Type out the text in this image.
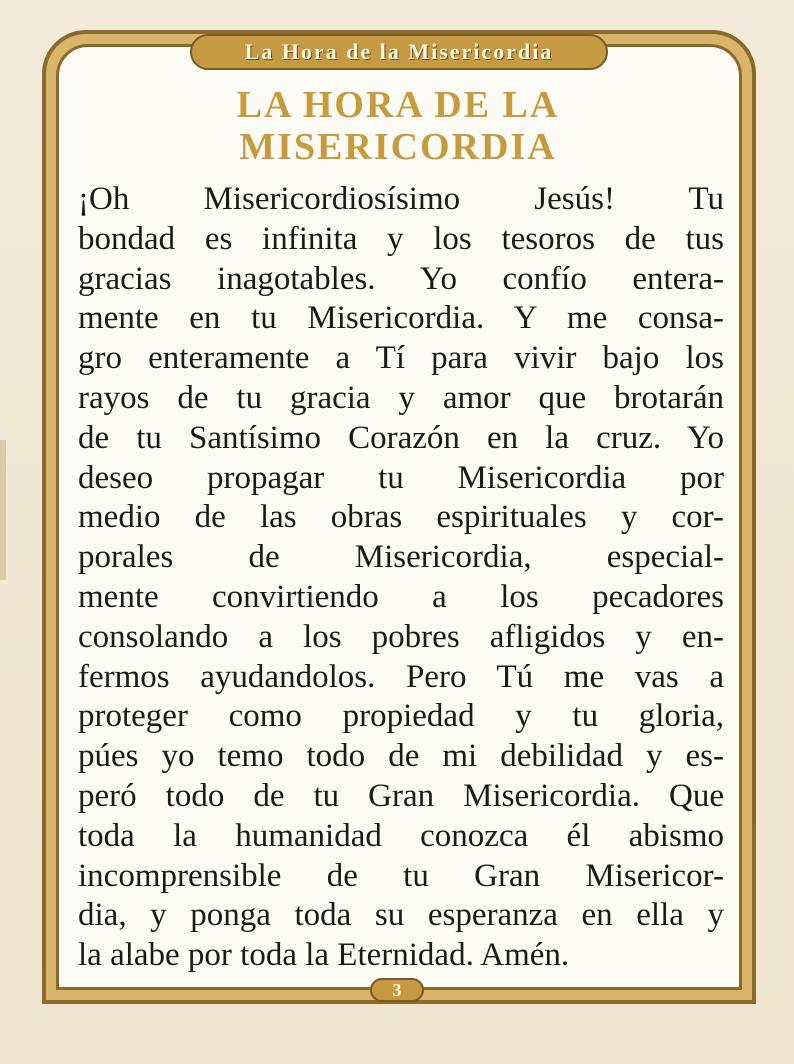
La Hora de la Misericordia
LA HORA DE LA
MISERICORDIA
¡Oh Misericordiosísimo Jesús! Tu
bondad es infinita y los tesoros de tus
gracias inagotables. Yo confío entera-
mente en tu Misericordia. Y me consa-
gro enteramente a Tí para vivir bajo los
rayos de tu gracia y amor que brotarán
de tu Santísimo Corazón en la cruz. Yo
deseo propagar tu Misericordia por
medio de las obras espirituales y cor-
porales de Misericordia, especial-
mente convirtiendo a los pecadores
consolando a los pobres afligidos y en-
fermos ayudandolos. Pero Tú me vas a
proteger como propiedad y tu gloria,
púes yo temo todo de mi debilidad y es-
peró todo de tu Gran Misericordia. Que
toda la humanidad conozca él abismo
incomprensible de tu Gran Misericor-
dia, y ponga toda su esperanza en ella y
la alabe por toda la Eternidad. Amén.
3
